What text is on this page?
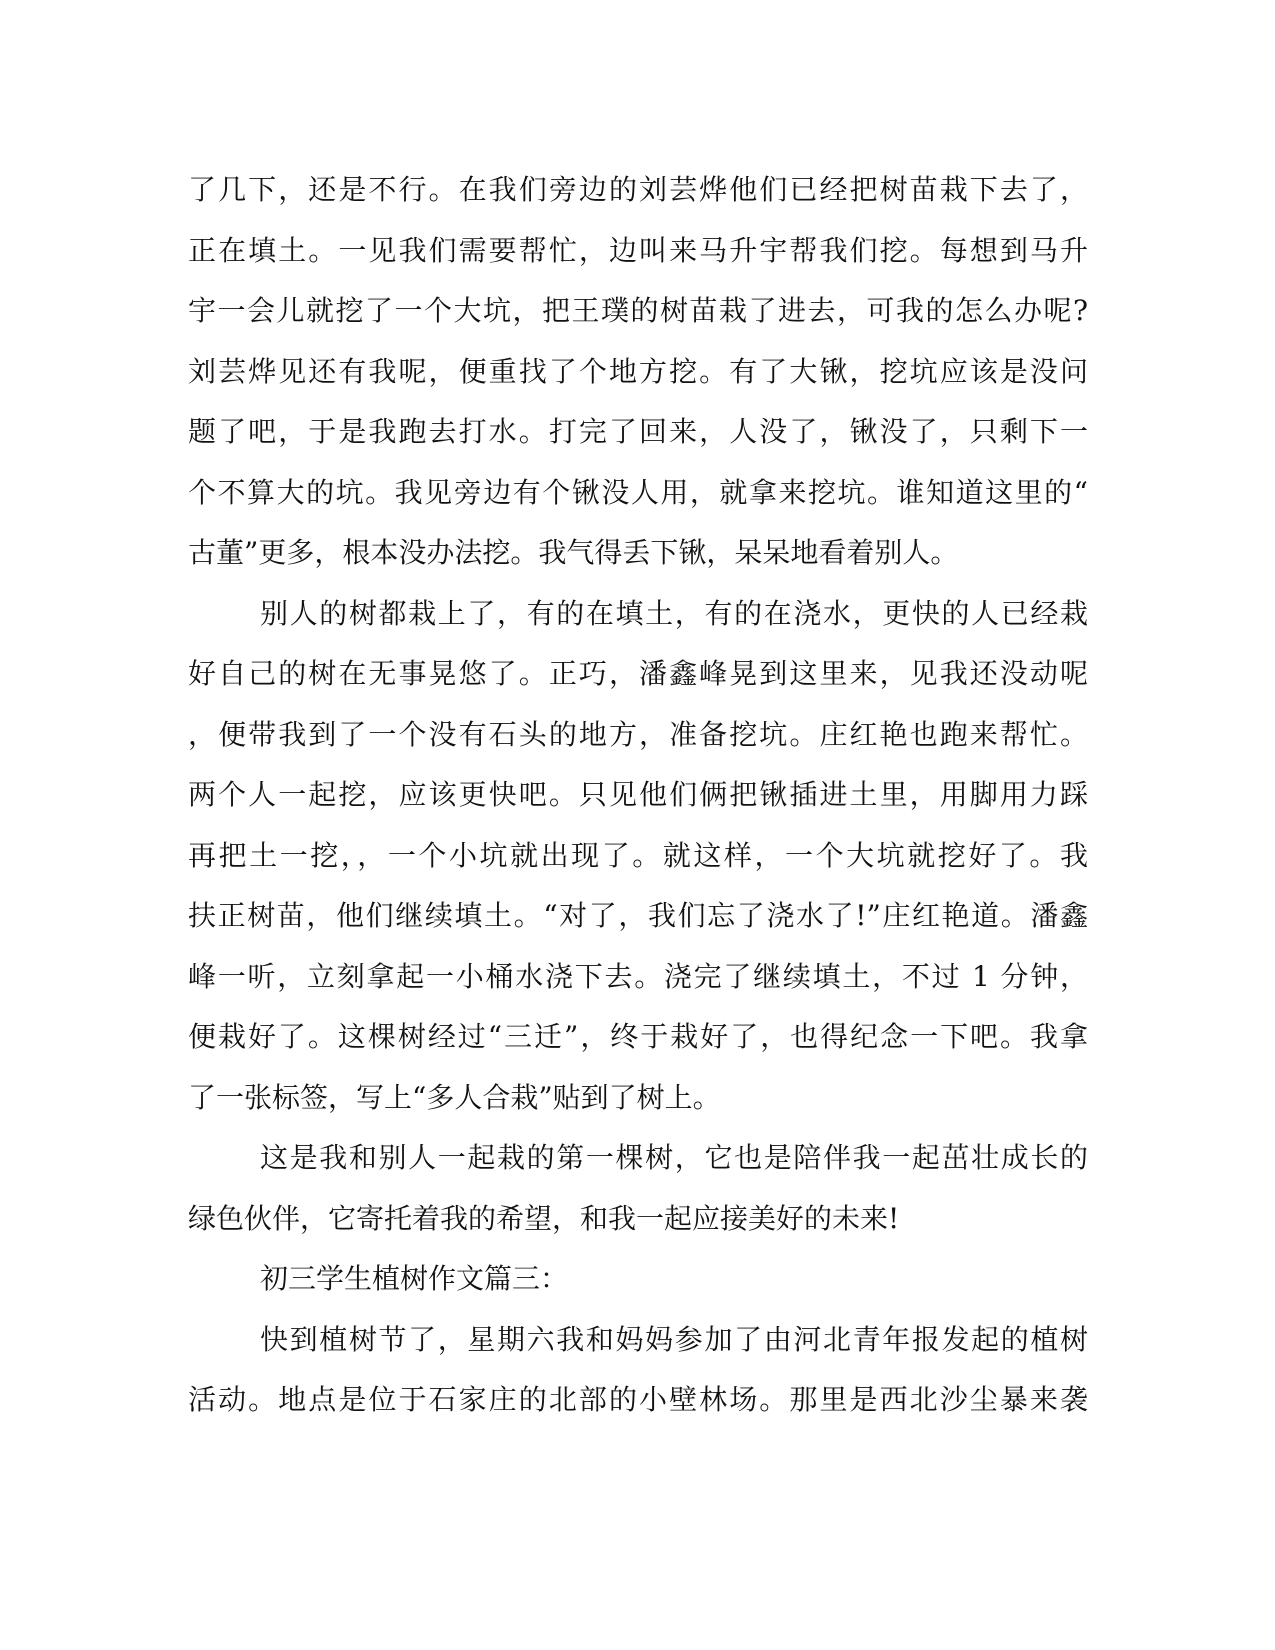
了几下，还是不行。在我们旁边的刘芸烨他们已经把树苗栽下去了，
正在填土。一见我们需要帮忙，边叫来马升宇帮我们挖。每想到马升
宇一会儿就挖了一个大坑，把王璞的树苗栽了进去，可我的怎么办呢?
刘芸烨见还有我呢，便重找了个地方挖。有了大锹，挖坑应该是没问
题了吧，于是我跑去打水。打完了回来，人没了，锹没了，只剩下一
个不算大的坑。我见旁边有个锹没人用，就拿来挖坑。谁知道这里的“
古董”更多，根本没办法挖。我气得丢下锹，呆呆地看着别人。
别人的树都栽上了，有的在填土，有的在浇水，更快的人已经栽
好自己的树在无事晃悠了。正巧，潘鑫峰晃到这里来，见我还没动呢
，便带我到了一个没有石头的地方，准备挖坑。庄红艳也跑来帮忙。
两个人一起挖，应该更快吧。只见他们俩把锹插进土里，用脚用力踩
再把土一挖，，一个小坑就出现了。就这样，一个大坑就挖好了。我
扶正树苗，他们继续填土。“对了，我们忘了浇水了!”庄红艳道。潘鑫
峰一听，立刻拿起一小桶水浇下去。浇完了继续填土，不过 1 分钟，
便栽好了。这棵树经过“三迁”，终于栽好了，也得纪念一下吧。我拿
了一张标签，写上“多人合栽”贴到了树上。
这是我和别人一起栽的第一棵树，它也是陪伴我一起茁壮成长的
绿色伙伴，它寄托着我的希望，和我一起应接美好的未来!
初三学生植树作文篇三：
快到植树节了，星期六我和妈妈参加了由河北青年报发起的植树
活动。地点是位于石家庄的北部的小壁林场。那里是西北沙尘暴来袭
